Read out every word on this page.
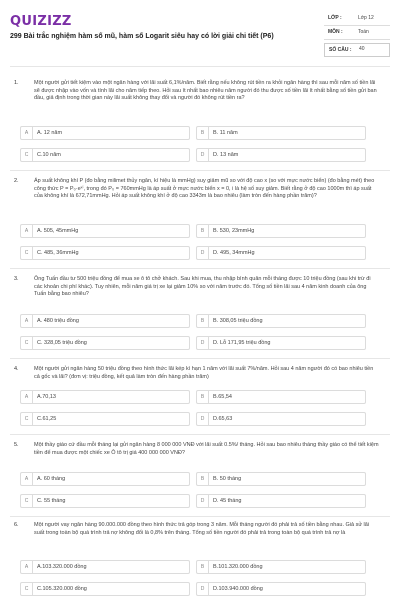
QUIZIZZ
299 Bài trắc nghiệm hàm số mũ, hàm số Logarit siêu hay có lời giải chi tiết (P6)
LỚP :	Lớp 12
MÔN :	Toán
SỐ CÂU : 40
1.	Một người gửi tiết kiệm vào một ngân hàng với lãi suất 6,1%/năm. Biết rằng nếu không rút tiền ra khỏi ngân hàng thì sau mỗi năm số tiền lãi sẽ được nhập vào vốn và tính lãi cho năm tiếp theo. Hỏi sau ít nhất bao nhiêu năm người đó thu được số tiền lãi ít nhất bằng số tiền gửi ban đầu, giả định trong thời gian này lãi suất không thay đổi và người đó không rút tiền ra?

A	A. 12 năm	B	B. 11 năm
C	C.10 năm	D	D. 13 năm
2.	Áp suất không khí P (đo bằng milimet thủy ngân, kí hiệu là mmHg) suy giảm mũ so với độ cao x (so với mực nước biển) (đo bằng mét) theo công thức P = P₀·eˣⁱ, trong đó P₀ = 760mmHg là áp suất ở mực nước biển x = 0, i là hệ số suy giảm. Biết rằng ở độ cao 1000m thì áp suất của không khí là 672,71mmHg. Hỏi áp suất không khí ở độ cao 3343m là bao nhiêu (làm tròn đến hàng phần trăm)?

A	A. 505, 45mmHg	B	B. 530, 23mmHg
C	C. 485, 36mmHg	D	D. 495, 34mmHg
3.	Ông Tuấn đầu tư 500 triệu đồng để mua xe ô tô chở khách. Sau khi mua, thu nhập bình quân mỗi tháng được 10 triệu đồng (sau khi trừ đi các khoản chi phí khác). Tuy nhiên, mỗi năm giá trị xe lại giảm 10% so với năm trước đó. Tổng số tiền lãi sau 4 năm kinh doanh của ông Tuấn bằng bao nhiêu?

A	A. 480 triệu đồng	B	B. 308,05 triệu đồng
C	C. 328,05 triệu đồng	D	D. Lỗ 171,95 triệu đồng
4.	Một người gửi ngân hàng 50 triệu đồng theo hình thức lãi kép kì hạn 1 năm với lãi suất 7%/năm. Hỏi sau 4 năm người đó có bao nhiêu tiền cả gốc và lãi? (đơn vị: triệu đồng, kết quả làm tròn đến hàng phần trăm)

A	A.70,13	B	B.65,54
C	C.61,25	D	D.65,63
5.	Một thầy giáo cứ đầu mỗi tháng lại gửi ngân hàng 8 000 000 VNĐ với lãi suất 0.5%/ tháng. Hỏi sau bao nhiêu tháng thầy giáo có thể tiết kiệm tiền để mua được một chiếc xe Ô tô trị giá 400 000 000 VNĐ?

A	A. 60 tháng	B	B. 50 tháng
C	C. 55 tháng	D	D. 45 tháng
6.	Một người vay ngân hàng 90.000.000 đồng theo hình thức trả góp trong 3 năm. Mỗi tháng người đó phải trả số tiền bằng nhau. Giả sử lãi suất trong toàn bộ quá trình trả nợ không đổi là 0,8% trên tháng. Tổng số tiền người đó phải trả trong toàn bộ quá trình trả nợ là

A	A.103.320.000 đồng	B	B.101.320.000 đồng
C	C.105.320.000 đồng	D	D.103.940.000 đồng
